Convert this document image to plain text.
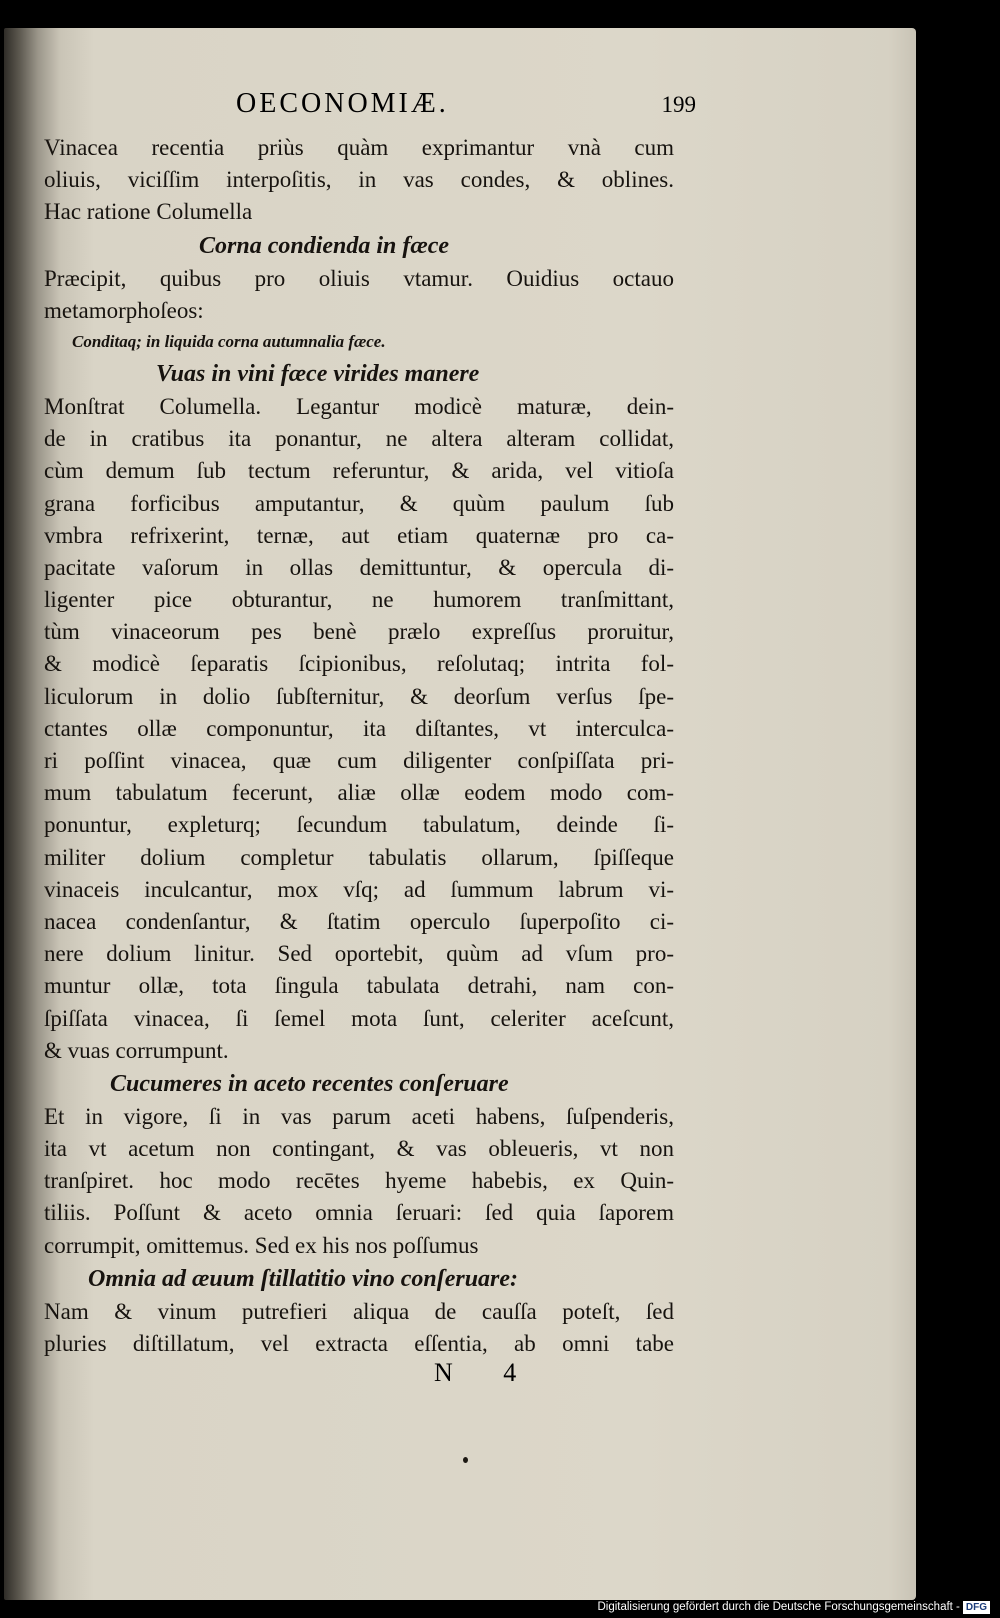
OECONOMIÆ.	199
Vinacea recentia priùs quàm exprimantur vnà cum
oliuis, viciſſim interpoſitis, in vas condes, & oblines.
Hac ratione Columella
Corna condienda in fæce
Præcipit, quibus pro oliuis vtamur. Ouidius octauo
metamorphoſeos:
Conditaq; in liquida corna autumnalia fæce.
Vuas in vini fæce virides manere
Monſtrat Columella. Legantur modicè maturæ, dein-
de in cratibus ita ponantur, ne altera alteram collidat,
cùm demum ſub tectum referuntur, & arida, vel vitioſa
grana forficibus amputantur, & quùm paulum ſub
vmbra refrixerint, ternæ, aut etiam quaternæ pro ca-
pacitate vaſorum in ollas demittuntur, & opercula di-
ligenter pice obturantur, ne humorem tranſmittant,
tùm vinaceorum pes benè prælo expreſſus proruitur,
& modicè ſeparatis ſcipionibus, reſolutaq; intrita fol-
liculorum in dolio ſubſternitur, & deorſum verſus ſpe-
ctantes ollæ componuntur, ita diſtantes, vt interculca-
ri poſſint vinacea, quæ cum diligenter conſpiſſata pri-
mum tabulatum fecerunt, aliæ ollæ eodem modo com-
ponuntur, expleturq; ſecundum tabulatum, deinde ſi-
militer dolium completur tabulatis ollarum, ſpiſſeque
vinaceis inculcantur, mox vſq; ad ſummum labrum vi-
nacea condenſantur, & ſtatim operculo ſuperpoſito ci-
nere dolium linitur. Sed oportebit, quùm ad vſum pro-
muntur ollæ, tota ſingula tabulata detrahi, nam con-
ſpiſſata vinacea, ſi ſemel mota ſunt, celeriter aceſcunt,
& vuas corrumpunt.
Cucumeres in aceto recentes conſeruare
Et in vigore, ſi in vas parum aceti habens, ſuſpenderis,
ita vt acetum non contingant, & vas obleueris, vt non
tranſpiret. hoc modo recētes hyeme habebis, ex Quin-
tiliis. Poſſunt & aceto omnia ſeruari: ſed quia ſaporem
corrumpit, omittemus. Sed ex his nos poſſumus
Omnia ad æuum ſtillatitio vino conſeruare:
Nam & vinum putrefieri aliqua de cauſſa poteſt, ſed
pluries diſtillatum, vel extracta eſſentia, ab omni tabe
N 4
Digitalisierung gefördert durch die Deutsche Forschungsgemeinschaft - DFG
